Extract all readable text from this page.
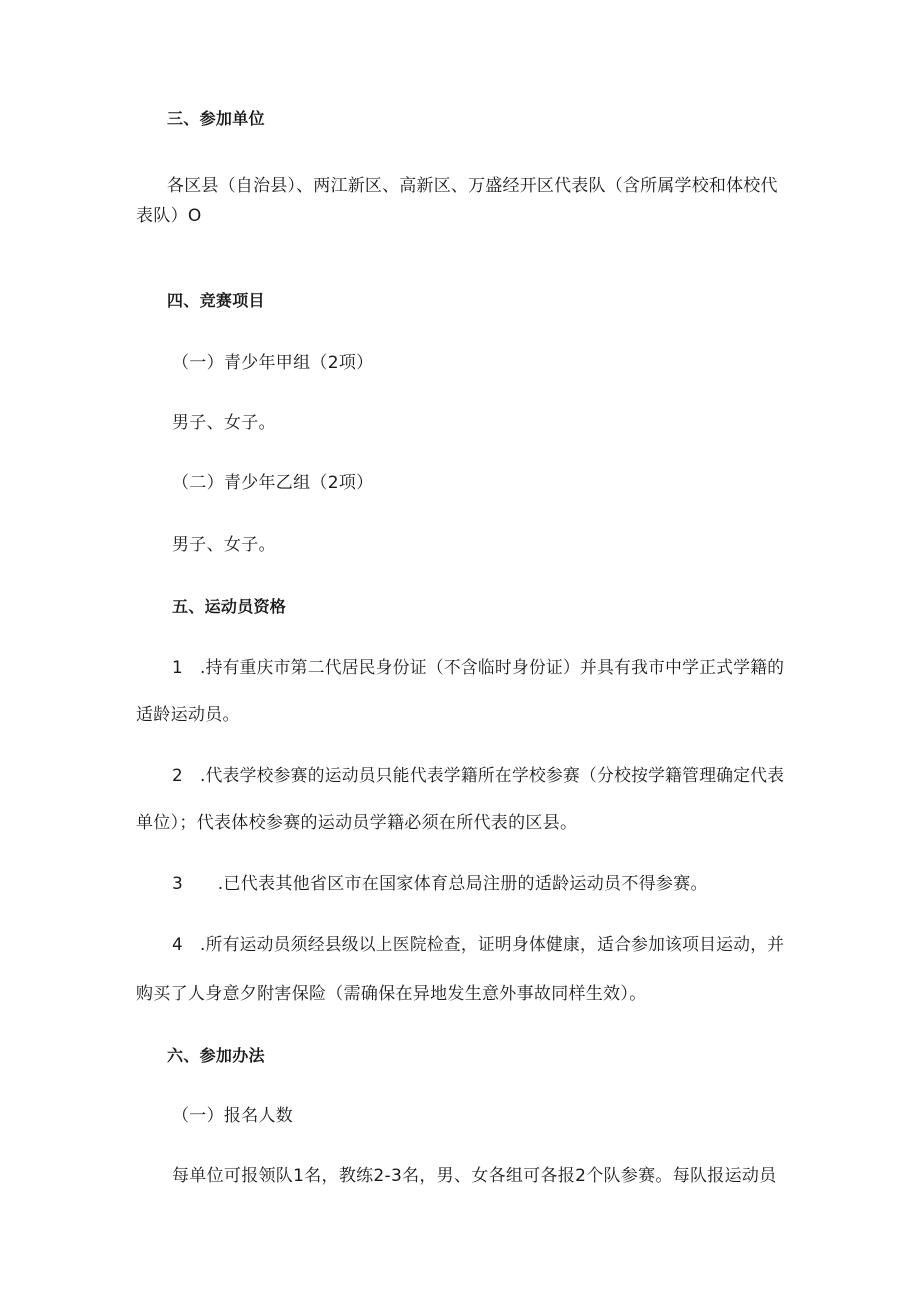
三、参加单位
各区县（自治县）、两江新区、高新区、万盛经开区代表队（含所属学校和体校代
表队）O
四、竞赛项目
（一）青少年甲组（2项）
男子、女子。
（二）青少年乙组（2项）
男子、女子。
五、运动员资格
1　.持有重庆市第二代居民身份证（不含临时身份证）并具有我市中学正式学籍的
适龄运动员。
2　.代表学校参赛的运动员只能代表学籍所在学校参赛（分校按学籍管理确定代表
单位）；代表体校参赛的运动员学籍必须在所代表的区县。
3　　.已代表其他省区市在国家体育总局注册的适龄运动员不得参赛。
4　.所有运动员须经县级以上医院检查，证明身体健康，适合参加该项目运动，并
购买了人身意夕附害保险（需确保在异地发生意外事故同样生效）。
六、参加办法
（一）报名人数
每单位可报领队1名，教练2-3名，男、女各组可各报2个队参赛。每队报运动员
